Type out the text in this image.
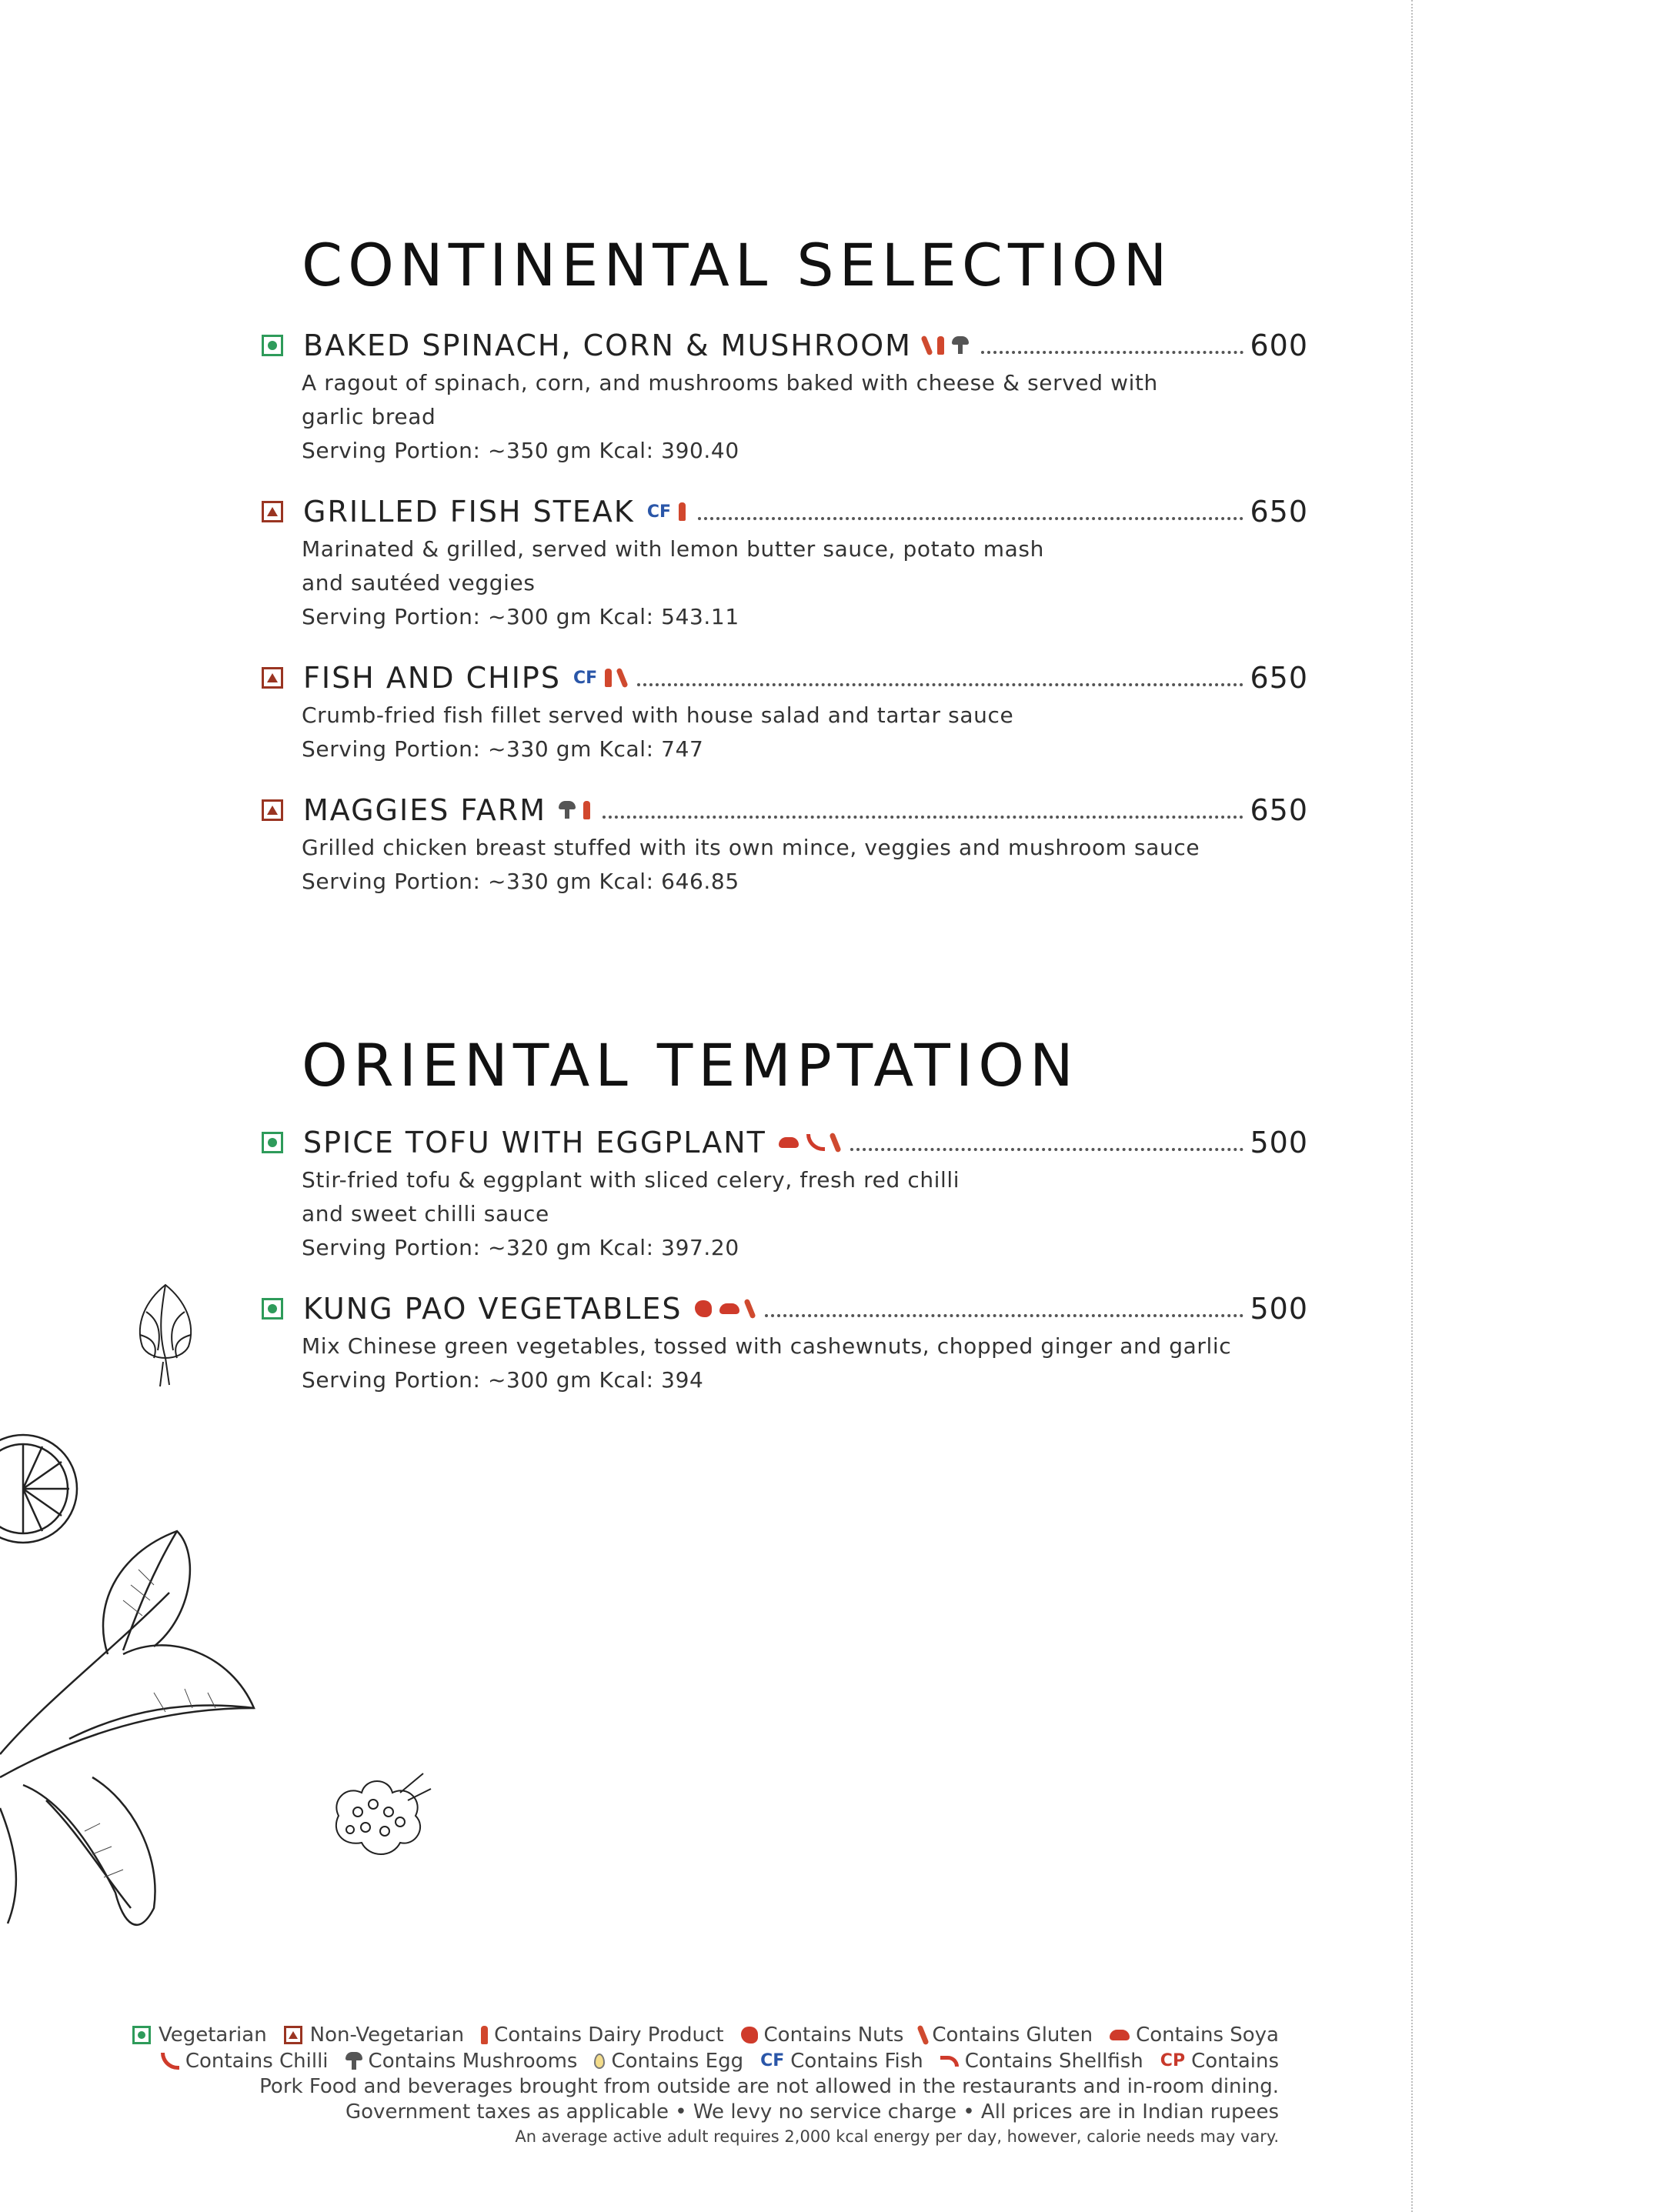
CONTINENTAL SELECTION
BAKED SPINACH, CORN & MUSHROOM	600
A ragout of spinach, corn, and mushrooms baked with cheese & served with
garlic bread
Serving Portion: ~350 gm Kcal: 390.40
GRILLED FISH STEAK CF	650
Marinated & grilled, served with lemon butter sauce, potato mash
and sautéed veggies
Serving Portion: ~300 gm Kcal: 543.11
FISH AND CHIPS CF	650
Crumb-fried fish fillet served with house salad and tartar sauce
Serving Portion: ~330 gm Kcal: 747
MAGGIES FARM	650
Grilled chicken breast stuffed with its own mince, veggies and mushroom sauce
Serving Portion: ~330 gm Kcal: 646.85
ORIENTAL TEMPTATION
SPICE TOFU WITH EGGPLANT	500
Stir-fried tofu & eggplant with sliced celery, fresh red chilli
and sweet chilli sauce
Serving Portion: ~320 gm Kcal: 397.20
KUNG PAO VEGETABLES	500
Mix Chinese green vegetables, tossed with cashewnuts, chopped ginger and garlic
Serving Portion: ~300 gm Kcal: 394
Vegetarian Non-Vegetarian Contains Dairy Product Contains Nuts Contains Gluten Contains Soya
Contains Chilli Contains Mushrooms Contains Egg CF Contains Fish Contains Shellfish CP Contains
Pork Food and beverages brought from outside are not allowed in the restaurants and in-room dining.
Government taxes as applicable • We levy no service charge • All prices are in Indian rupees
An average active adult requires 2,000 kcal energy per day, however, calorie needs may vary.
